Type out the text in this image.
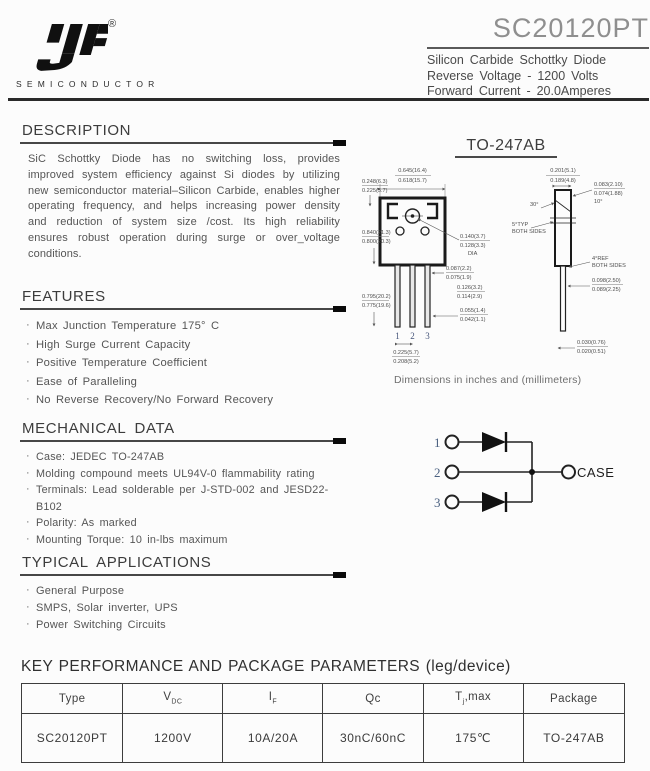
®
SEMICONDUCTOR
SC20120PT
Silicon Carbide Schottky Diode
Reverse Voltage - 1200 Volts
Forward Current - 20.0Amperes
DESCRIPTION

SiC Schottky Diode has no switching loss, provides improved system efficiency against Si diodes by utilizing new semiconductor material–Silicon Carbide, enables higher operating frequency, and helps increasing power density and reduction of system size /cost. Its high reliability ensures robust operation during surge or over_voltage conditions.

FEATURES
· Max Junction Temperature 175° C
· High Surge Current Capacity
· Positive Temperature Coefficient
· Ease of Paralleling
· No Reverse Recovery/No Forward Recovery
MECHANICAL DATA
· Case: JEDEC TO-247AB
· Molding compound meets UL94V-0 flammability rating
· Terminals: Lead solderable per J-STD-002 and JESD22-B102
· Polarity: As marked
· Mounting Torque: 10 in-lbs maximum
TYPICAL APPLICATIONS
· General Purpose
· SMPS, Solar inverter, UPS
· Power Switching Circuits
TO-247AB
0.645(16.4)
0.618(15.7)
0.248(6.3)
0.225(5.7)
1 2 3
0.840(21.3)
0.800(20.3)
0.795(20.2)
0.775(19.6)
0.140(3.7)
0.128(3.3)
DIA
0.087(2.2)
0.075(1.9)
0.126(3.2)
0.114(2.9)
0.055(1.4)
0.042(1.1)
0.225(5.7)
0.208(5.2)
0.201(5.1)
0.189(4.8)
0.083(2.10)
0.074(1.88)
10°
30°
5°TYP
BOTH SIDES
4°REF
BOTH SIDES
0.098(2.50)
0.089(2.25)
0.030(0.76)
0.020(0.51)
Dimensions in inches and (millimeters)
1
2
3
CASE
KEY PERFORMANCE AND PACKAGE PARAMETERS (leg/device)
Type	$V_{DC}$	$I_F$	Qc	$T_j,\max$	Package
SC20120PT	1200V	10A/20A	30nC/60nC	175℃	TO-247AB
